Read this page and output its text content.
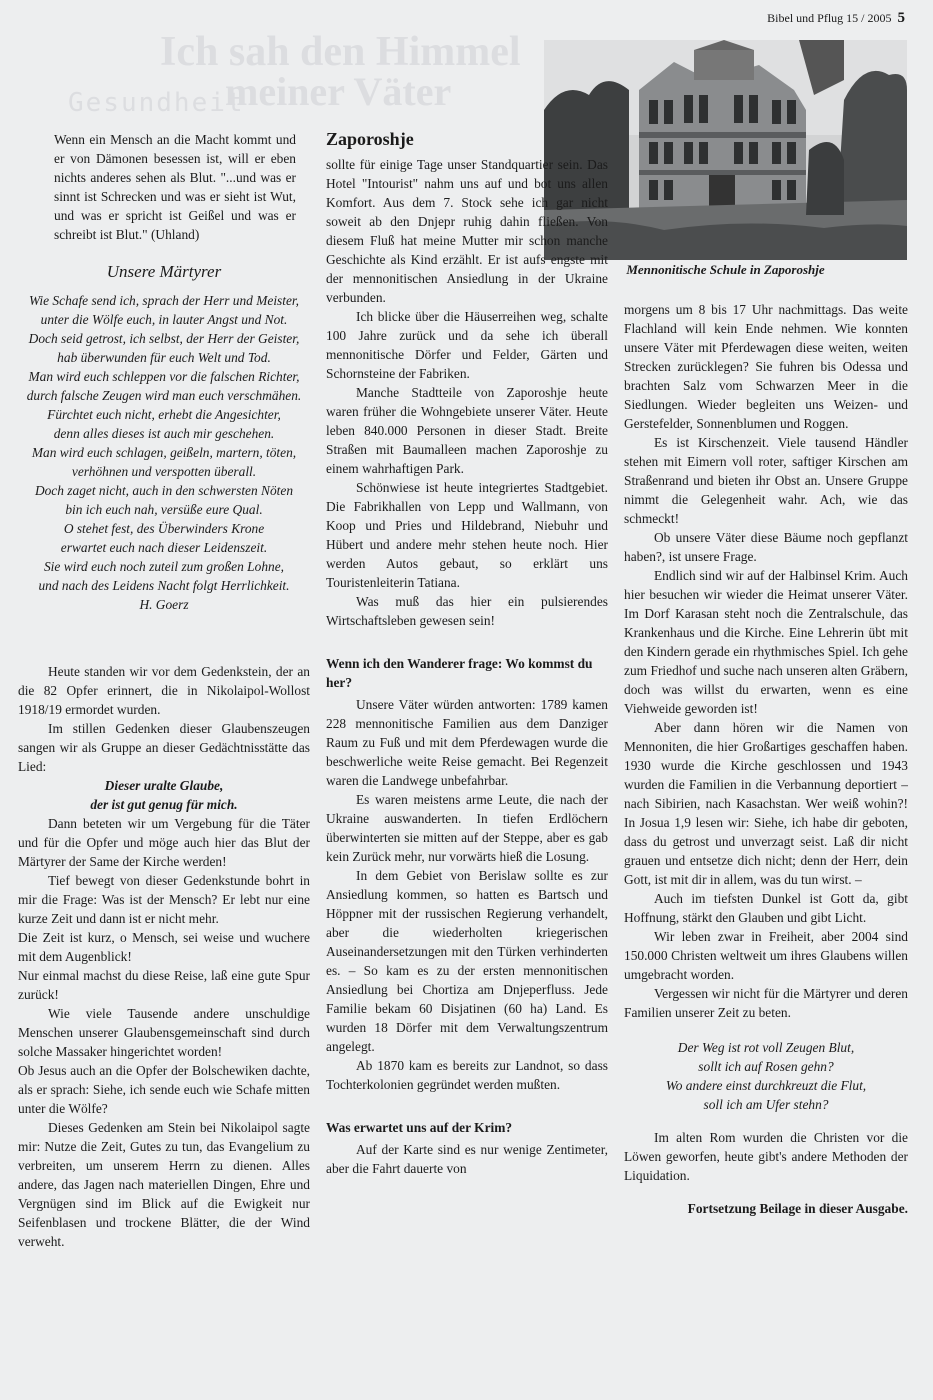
Ich sah den Himmel
meiner Väter
Gesundheit
Bibel und Pflug 15 / 2005 5
Mennonitische Schule in Zaporoshje
Wenn ein Mensch an die Macht kommt und er von Dämonen besessen ist, will er eben nichts anderes sehen als Blut. "...und was er sinnt ist Schrecken und was er sieht ist Wut, und was er spricht ist Geißel und was er schreibt ist Blut." (Uhland)
Unsere Märtyrer
Wie Schafe send ich, sprach der Herr und Meister,
unter die Wölfe euch, in lauter Angst und Not.
Doch seid getrost, ich selbst, der Herr der Geister,
hab überwunden für euch Welt und Tod.
Man wird euch schleppen vor die falschen Richter,
durch falsche Zeugen wird man euch verschmähen.
Fürchtet euch nicht, erhebt die Angesichter,
denn alles dieses ist auch mir geschehen.
Man wird euch schlagen, geißeln, martern, töten,
verhöhnen und verspotten überall.
Doch zaget nicht, auch in den schwersten Nöten
bin ich euch nah, versüße eure Qual.
O stehet fest, des Überwinders Krone
erwartet euch nach dieser Leidenszeit.
Sie wird euch noch zuteil zum großen Lohne,
und nach des Leidens Nacht folgt Herrlichkeit.
H. Goerz

Heute standen wir vor dem Gedenkstein, der an die 82 Opfer erinnert, die in Nikolaipol-Wollost 1918/19 ermordet wurden.

Im stillen Gedenken dieser Glaubenszeugen sangen wir als Gruppe an dieser Gedächtnisstätte das Lied:

Dieser uralte Glaube,
der ist gut genug für mich.

Dann beteten wir um Vergebung für die Täter und für die Opfer und möge auch hier das Blut der Märtyrer der Same der Kirche werden!

Tief bewegt von dieser Gedenkstunde bohrt in mir die Frage: Was ist der Mensch? Er lebt nur eine kurze Zeit und dann ist er nicht mehr.

Die Zeit ist kurz, o Mensch, sei weise und wuchere mit dem Augenblick!

Nur einmal machst du diese Reise, laß eine gute Spur zurück!

Wie viele Tausende andere unschuldige Menschen unserer Glaubensgemeinschaft sind durch solche Massaker hingerichtet worden!

Ob Jesus auch an die Opfer der Bolschewiken dachte, als er sprach: Siehe, ich sende euch wie Schafe mitten unter die Wölfe?

Dieses Gedenken am Stein bei Nikolaipol sagte mir: Nutze die Zeit, Gutes zu tun, das Evangelium zu verbreiten, um unserem Herrn zu dienen. Alles andere, das Jagen nach materiellen Dingen, Ehre und Vergnügen sind im Blick auf die Ewigkeit nur Seifenblasen und trockene Blätter, die der Wind verweht.

Zaporoshje

sollte für einige Tage unser Standquartier sein. Das Hotel "Intourist" nahm uns auf und bot uns allen Komfort. Aus dem 7. Stock sehe ich gar nicht soweit ab den Dnjepr ruhig dahin fließen. Von diesem Fluß hat meine Mutter mir schon manche Geschichte als Kind erzählt. Er ist aufs engste mit der mennonitischen Ansiedlung in der Ukraine verbunden.

Ich blicke über die Häuserreihen weg, schalte 100 Jahre zurück und da sehe ich überall mennonitische Dörfer und Felder, Gärten und Schornsteine der Fabriken.

Manche Stadtteile von Zaporoshje heute waren früher die Wohngebiete unserer Väter. Heute leben 840.000 Personen in dieser Stadt. Breite Straßen mit Baumalleen machen Zaporoshje zu einem wahrhaftigen Park.

Schönwiese ist heute integriertes Stadtgebiet. Die Fabrikhallen von Lepp und Wallmann, von Koop und Pries und Hildebrand, Niebuhr und Hübert und andere mehr stehen heute noch. Hier werden Autos gebaut, so erklärt uns Touristenleiterin Tatiana.

Was muß das hier ein pulsierendes Wirtschaftsleben gewesen sein!

Wenn ich den Wanderer frage: Wo kommst du her?

Unsere Väter würden antworten: 1789 kamen 228 mennonitische Familien aus dem Danziger Raum zu Fuß und mit dem Pferdewagen wurde die beschwerliche weite Reise gemacht. Bei Regenzeit waren die Landwege unbefahrbar.

Es waren meistens arme Leute, die nach der Ukraine auswanderten. In tiefen Erdlöchern überwinterten sie mitten auf der Steppe, aber es gab kein Zurück mehr, nur vorwärts hieß die Losung.

In dem Gebiet von Berislaw sollte es zur Ansiedlung kommen, so hatten es Bartsch und Höppner mit der russischen Regierung verhandelt, aber die wiederholten kriegerischen Auseinandersetzungen mit den Türken verhinderten es. – So kam es zu der ersten mennonitischen Ansiedlung bei Chortiza am Dnjeperfluss. Jede Familie bekam 60 Disjatinen (60 ha) Land. Es wurden 18 Dörfer mit dem Verwaltungszentrum angelegt.

Ab 1870 kam es bereits zur Landnot, so dass Tochterkolonien gegründet werden mußten.

Was erwartet uns auf der Krim?

Auf der Karte sind es nur wenige Zentimeter, aber die Fahrt dauerte von

morgens um 8 bis 17 Uhr nachmittags. Das weite Flachland will kein Ende nehmen. Wie konnten unsere Väter mit Pferdewagen diese weiten, weiten Strecken zurücklegen? Sie fuhren bis Odessa und brachten Salz vom Schwarzen Meer in die Siedlungen. Wieder begleiten uns Weizen- und Gerstefelder, Sonnenblumen und Roggen.

Es ist Kirschenzeit. Viele tausend Händler stehen mit Eimern voll roter, saftiger Kirschen am Straßenrand und bieten ihr Obst an. Unsere Gruppe nimmt die Gelegenheit wahr. Ach, wie das schmeckt!

Ob unsere Väter diese Bäume noch gepflanzt haben?, ist unsere Frage.

Endlich sind wir auf der Halbinsel Krim. Auch hier besuchen wir wieder die Heimat unserer Väter. Im Dorf Karasan steht noch die Zentralschule, das Krankenhaus und die Kirche. Eine Lehrerin übt mit den Kindern gerade ein rhythmisches Spiel. Ich gehe zum Friedhof und suche nach unseren alten Gräbern, doch was willst du erwarten, wenn es eine Viehweide geworden ist!

Aber dann hören wir die Namen von Mennoniten, die hier Großartiges geschaffen haben. 1930 wurde die Kirche geschlossen und 1943 wurden die Familien in die Verbannung deportiert – nach Sibirien, nach Kasachstan. Wer weiß wohin?! In Josua 1,9 lesen wir: Siehe, ich habe dir geboten, dass du getrost und unverzagt seist. Laß dir nicht grauen und entsetze dich nicht; denn der Herr, dein Gott, ist mit dir in allem, was du tun wirst. –

Auch im tiefsten Dunkel ist Gott da, gibt Hoffnung, stärkt den Glauben und gibt Licht.

Wir leben zwar in Freiheit, aber 2004 sind 150.000 Christen weltweit um ihres Glaubens willen umgebracht worden.

Vergessen wir nicht für die Märtyrer und deren Familien unserer Zeit zu beten.

Der Weg ist rot voll Zeugen Blut,
sollt ich auf Rosen gehn?
Wo andere einst durchkreuzt die Flut,
soll ich am Ufer stehn?

Im alten Rom wurden die Christen vor die Löwen geworfen, heute gibt's andere Methoden der Liquidation.

Fortsetzung Beilage in dieser Ausgabe.
